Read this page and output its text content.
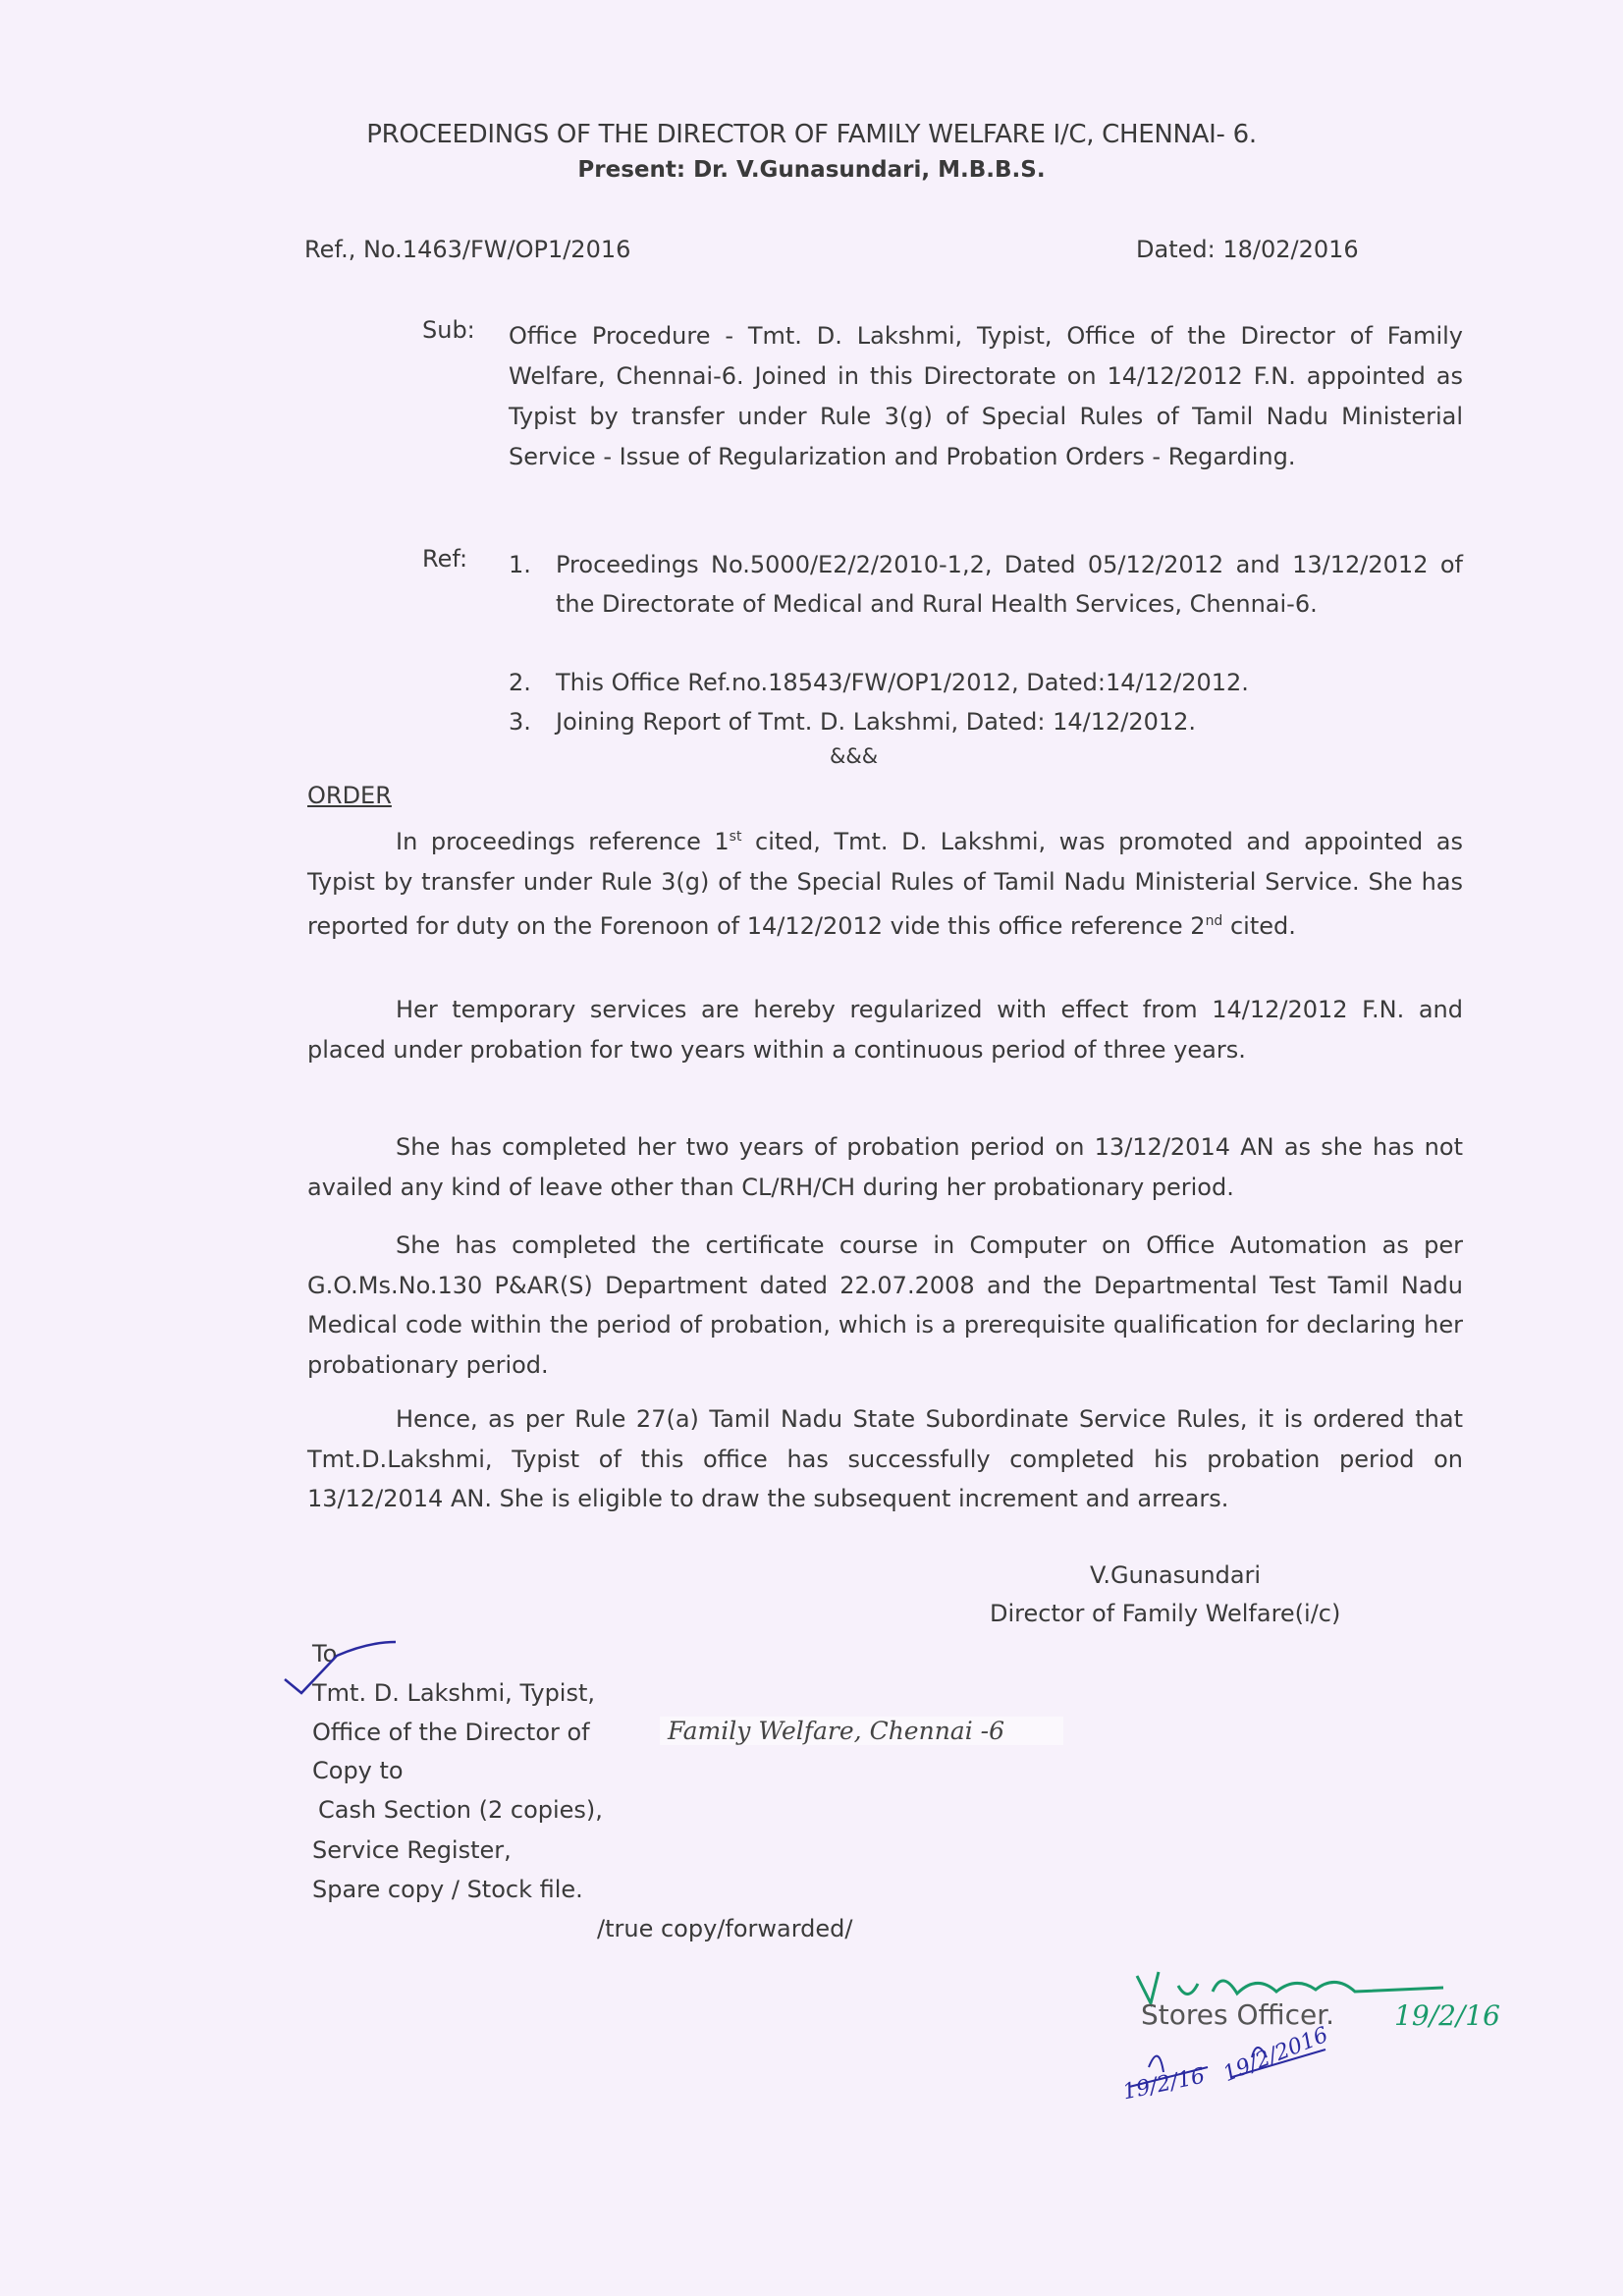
PROCEEDINGS OF THE DIRECTOR OF FAMILY WELFARE I/C, CHENNAI- 6.
Present: Dr. V.Gunasundari, M.B.B.S.
Ref., No.1463/FW/OP1/2016	Dated: 18/02/2016
Sub: Office Procedure - Tmt. D. Lakshmi, Typist, Office of the Director of Family Welfare, Chennai-6. Joined in this Directorate on 14/12/2012 F.N. appointed as Typist by transfer under Rule 3(g) of Special Rules of Tamil Nadu Ministerial Service - Issue of Regularization and Probation Orders - Regarding.
Ref: 1. Proceedings No.5000/E2/2/2010-1,2, Dated 05/12/2012 and 13/12/2012 of the Directorate of Medical and Rural Health Services, Chennai-6.
2. This Office Ref.no.18543/FW/OP1/2012, Dated:14/12/2012.
3. Joining Report of Tmt. D. Lakshmi, Dated: 14/12/2012.
&&&
ORDER
In proceedings reference 1st cited, Tmt. D. Lakshmi, was promoted and appointed as Typist by transfer under Rule 3(g) of the Special Rules of Tamil Nadu Ministerial Service. She has reported for duty on the Forenoon of 14/12/2012 vide this office reference 2nd cited.
Her temporary services are hereby regularized with effect from 14/12/2012 F.N. and placed under probation for two years within a continuous period of three years.
She has completed her two years of probation period on 13/12/2014 AN as she has not availed any kind of leave other than CL/RH/CH during her probationary period.
She has completed the certificate course in Computer on Office Automation as per G.O.Ms.No.130 P&AR(S) Department dated 22.07.2008 and the Departmental Test Tamil Nadu Medical code within the period of probation, which is a prerequisite qualification for declaring her probationary period.
Hence, as per Rule 27(a) Tamil Nadu State Subordinate Service Rules, it is ordered that Tmt.D.Lakshmi, Typist of this office has successfully completed his probation period on 13/12/2014 AN. She is eligible to draw the subsequent increment and arrears.
V.Gunasundari
Director of Family Welfare(i/c)
To
Tmt. D. Lakshmi, Typist,
Office of the Director of	Family Welfare, Chennai -6
Copy to
Cash Section (2 copies),
Service Register,
Spare copy / Stock file.
/true copy/forwarded/
Stores Officer. 19/2/16
19/2/16 19/2/2016
